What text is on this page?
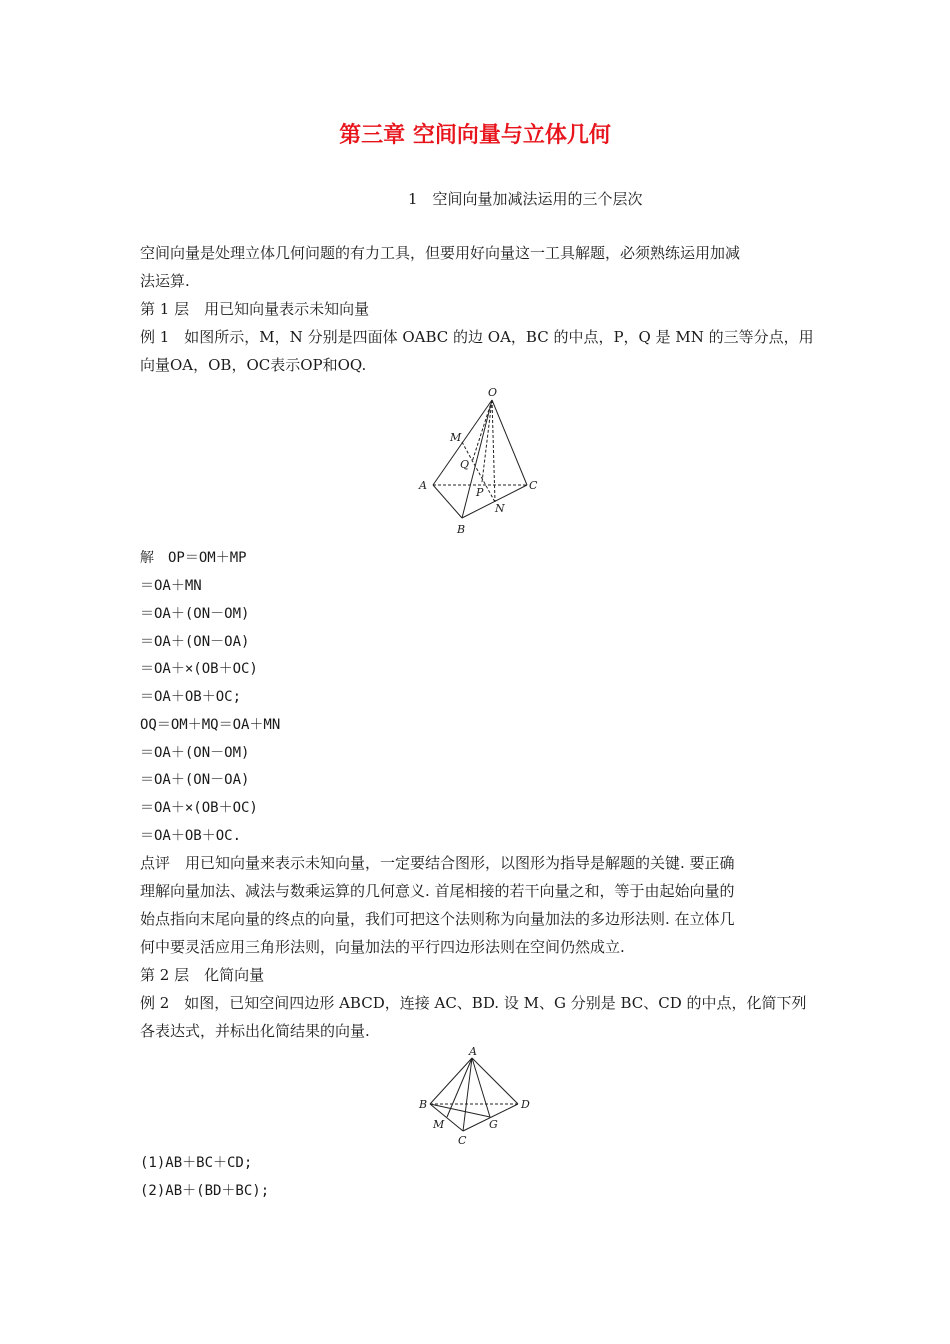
第三章 空间向量与立体几何
1　空间向量加减法运用的三个层次
空间向量是处理立体几何问题的有力工具，但要用好向量这一工具解题，必须熟练运用加减
法运算.
第 1 层　用已知向量表示未知向量
例 1　如图所示，M，N 分别是四面体 OABC 的边 OA，BC 的中点，P，Q 是 MN 的三等分点，用
向量OA，OB，OC表示OP和OQ.
O
M
Q
A
P
C
N
B
解　OP＝OM＋MP
＝OA＋MN
＝OA＋(ON－OM)
＝OA＋(ON－OA)
＝OA＋×(OB＋OC)
＝OA＋OB＋OC;
OQ＝OM＋MQ＝OA＋MN
＝OA＋(ON－OM)
＝OA＋(ON－OA)
＝OA＋×(OB＋OC)
＝OA＋OB＋OC.
点评　用已知向量来表示未知向量，一定要结合图形，以图形为指导是解题的关键. 要正确
理解向量加法、减法与数乘运算的几何意义. 首尾相接的若干向量之和，等于由起始向量的
始点指向末尾向量的终点的向量，我们可把这个法则称为向量加法的多边形法则. 在立体几
何中要灵活应用三角形法则，向量加法的平行四边形法则在空间仍然成立.
第 2 层　化简向量
例 2　如图，已知空间四边形 ABCD，连接 AC、BD. 设 M、G 分别是 BC、CD 的中点，化简下列
各表达式，并标出化简结果的向量.
A
B	D
M	G
C
(1)AB＋BC＋CD;
(2)AB＋(BD＋BC);
